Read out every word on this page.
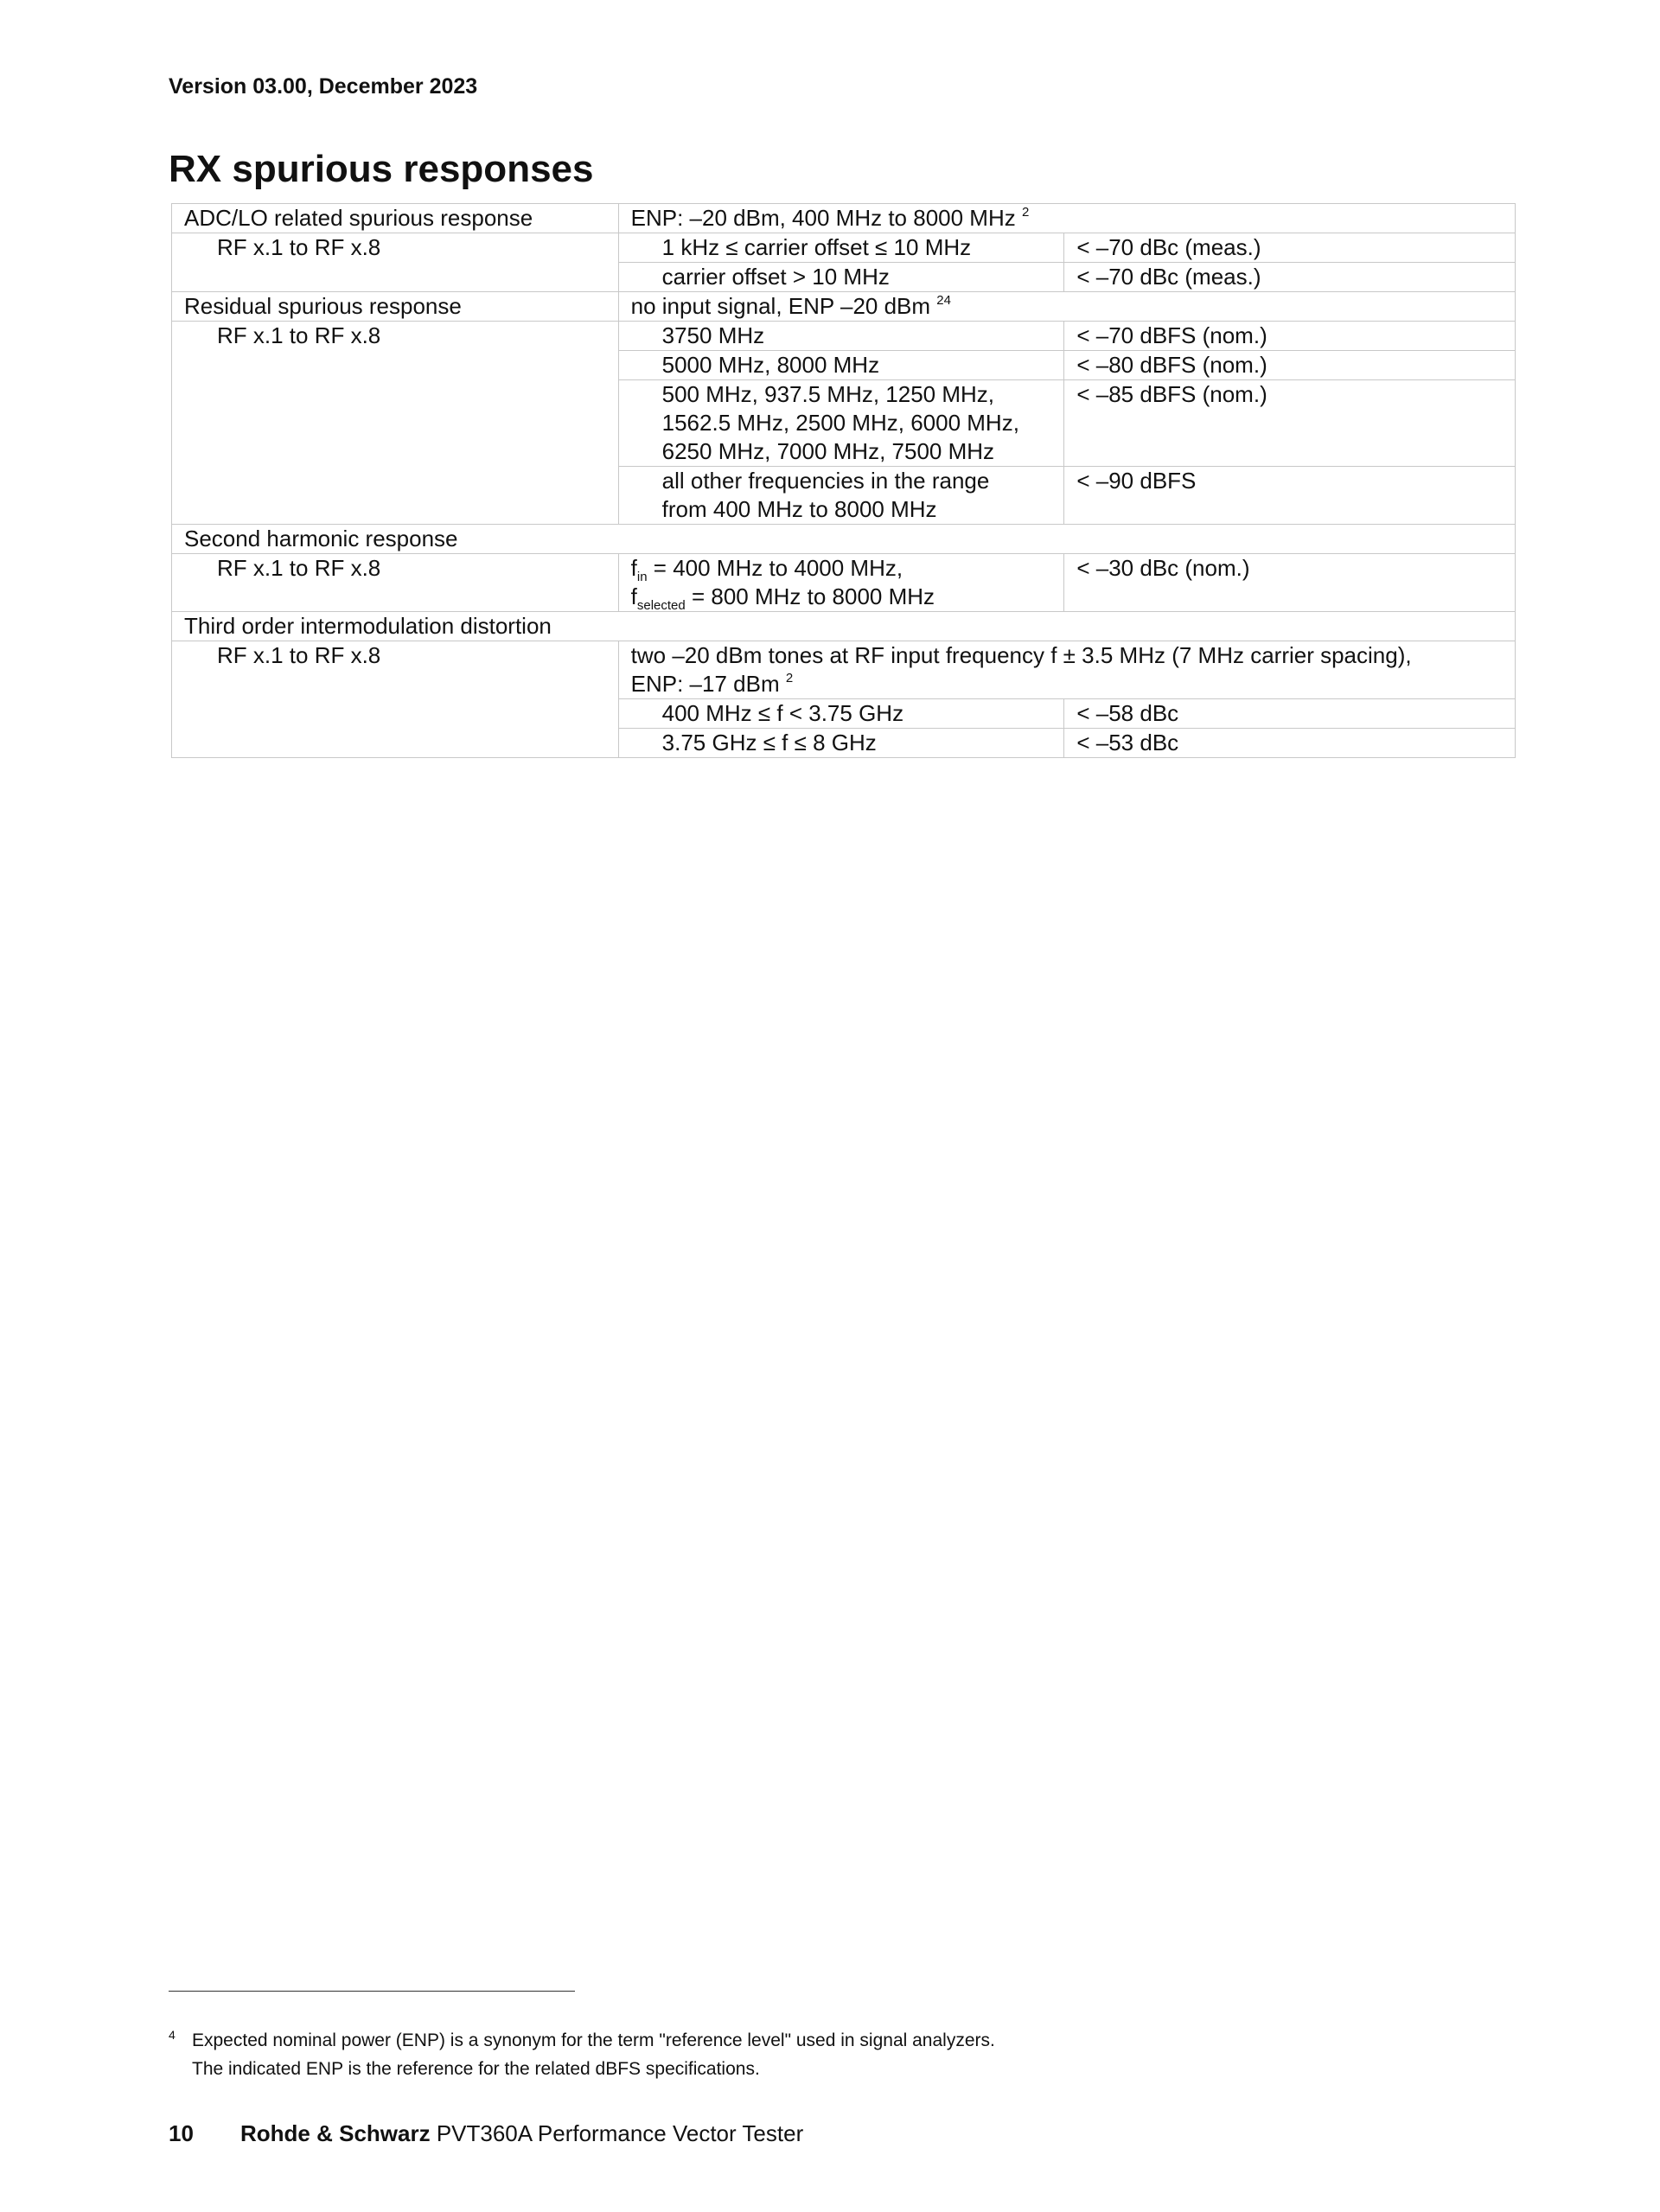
Version 03.00, December 2023
RX spurious responses
ADC/LO related spurious response	ENP: –20 dBm, 400 MHz to 8000 MHz $^2$
RF x.1 to RF x.8	1 kHz ≤ carrier offset ≤ 10 MHz	< –70 dBc (meas.)
	carrier offset > 10 MHz	< –70 dBc (meas.)
Residual spurious response	no input signal, ENP –20 dBm $^{24}$
RF x.1 to RF x.8	3750 MHz	< –70 dBFS (nom.)
	5000 MHz, 8000 MHz	< –80 dBFS (nom.)

	500 MHz, 937.5 MHz, 1250 MHz,
1562.5 MHz, 2500 MHz, 6000 MHz,
6250 MHz, 7000 MHz, 7500 MHz	< –85 dBFS (nom.)

	all other frequencies in the range
from 400 MHz to 8000 MHz	< –90 dBFS
Second harmonic response		
RF x.1 to RF x.8	$f_{in} = 400$ MHz to 4000 MHz,
$f_{selected} = 800$ MHz to 8000 MHz	< –30 dBc (nom.)
Third order intermodulation distortion		
RF x.1 to RF x.8	two –20 dBm tones at RF input frequency f ± 3.5 MHz (7 MHz carrier spacing),
ENP: –17 dBm $^2$

	400 MHz ≤ f < 3.75 GHz	< –58 dBc
	3.75 GHz ≤ f ≤ 8 GHz	< –53 dBc
4 Expected nominal power (ENP) is a synonym for the term "reference level" used in signal analyzers.
The indicated ENP is the reference for the related dBFS specifications.
10 Rohde & Schwarz PVT360A Performance Vector Tester
